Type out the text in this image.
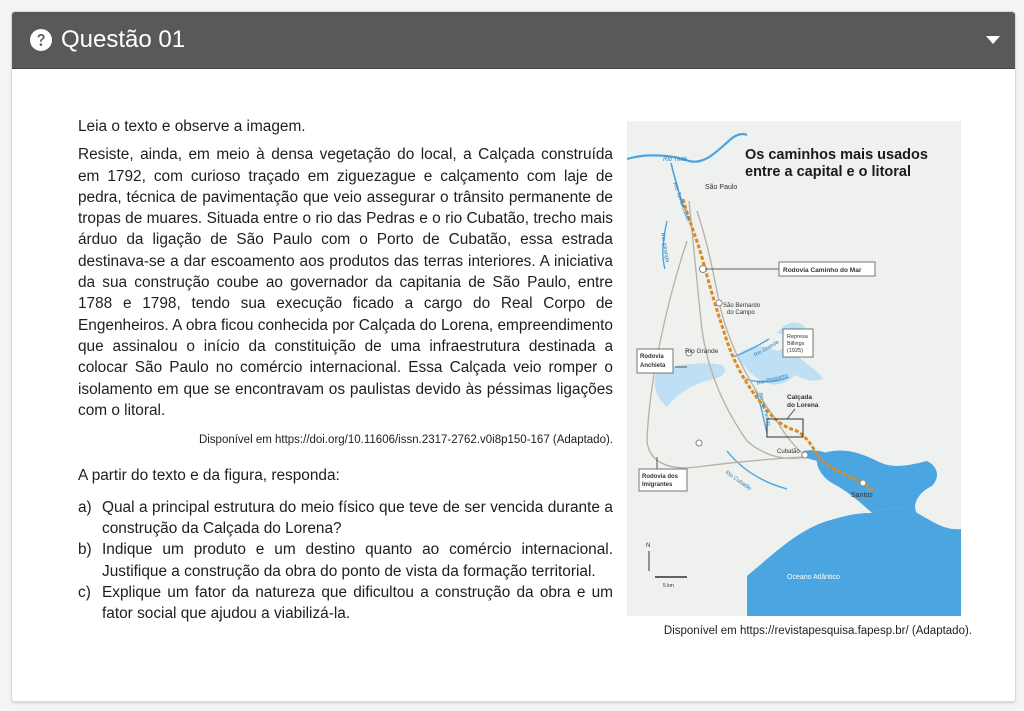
Questão 01

Leia o texto e observe a imagem.

Resiste, ainda, em meio à densa vegetação do local, a Calçada construída em 1792, com curioso traçado em ziguezague e calçamento com laje de pedra, técnica de pavimentação que veio assegurar o trânsito permanente de tropas de muares. Situada entre o rio das Pedras e o rio Cubatão, trecho mais árduo da ligação de São Paulo com o Porto de Cubatão, essa estrada destinava-se a dar escoamento aos produtos das terras interiores. A iniciativa da sua construção coube ao governador da capitania de São Paulo, entre 1788 e 1798, tendo sua execução ficado a cargo do Real Corpo de Engenheiros. A obra ficou conhecida por Calçada do Lorena, empreendimento que assinalou o início da constituição de uma infraestrutura destinada a colocar São Paulo no comércio internacional. Essa Calçada veio romper o isolamento em que se encontravam os paulistas devido às péssimas ligações com o litoral.

Disponível em https://doi.org/10.11606/issn.2317-2762.v0i8p150-167 (Adaptado).

A partir do texto e da figura, responda:

a) Qual a principal estrutura do meio físico que teve de ser vencida durante a construção da Calçada do Lorena?
b) Indique um produto e um destino quanto ao comércio internacional. Justifique a construção da obra do ponto de vista da formação territorial.
c) Explique um fator da natureza que dificultou a construção da obra e um fator social que ajudou a viabilizá-la.
Os caminhos mais usados
entre a capital e o litoral
Rio Tietê
Rio Tamanduateí São Paulo
Rio Ipiranga
Rodovia Caminho do Mar
São Bernardo
do Campo
Represa
Billings
(1925)
Rio Grande
Rodovia
Anchieta
Rio Grande
Rio Pequeno
Calçada
do Lorena
Rio das Pedras
Cubatão
Rodovia dos
Imigrantes	Rio Cubatão
Santos
N
5 km
Oceano Atlântico
Disponível em https://revistapesquisa.fapesp.br/ (Adaptado).
